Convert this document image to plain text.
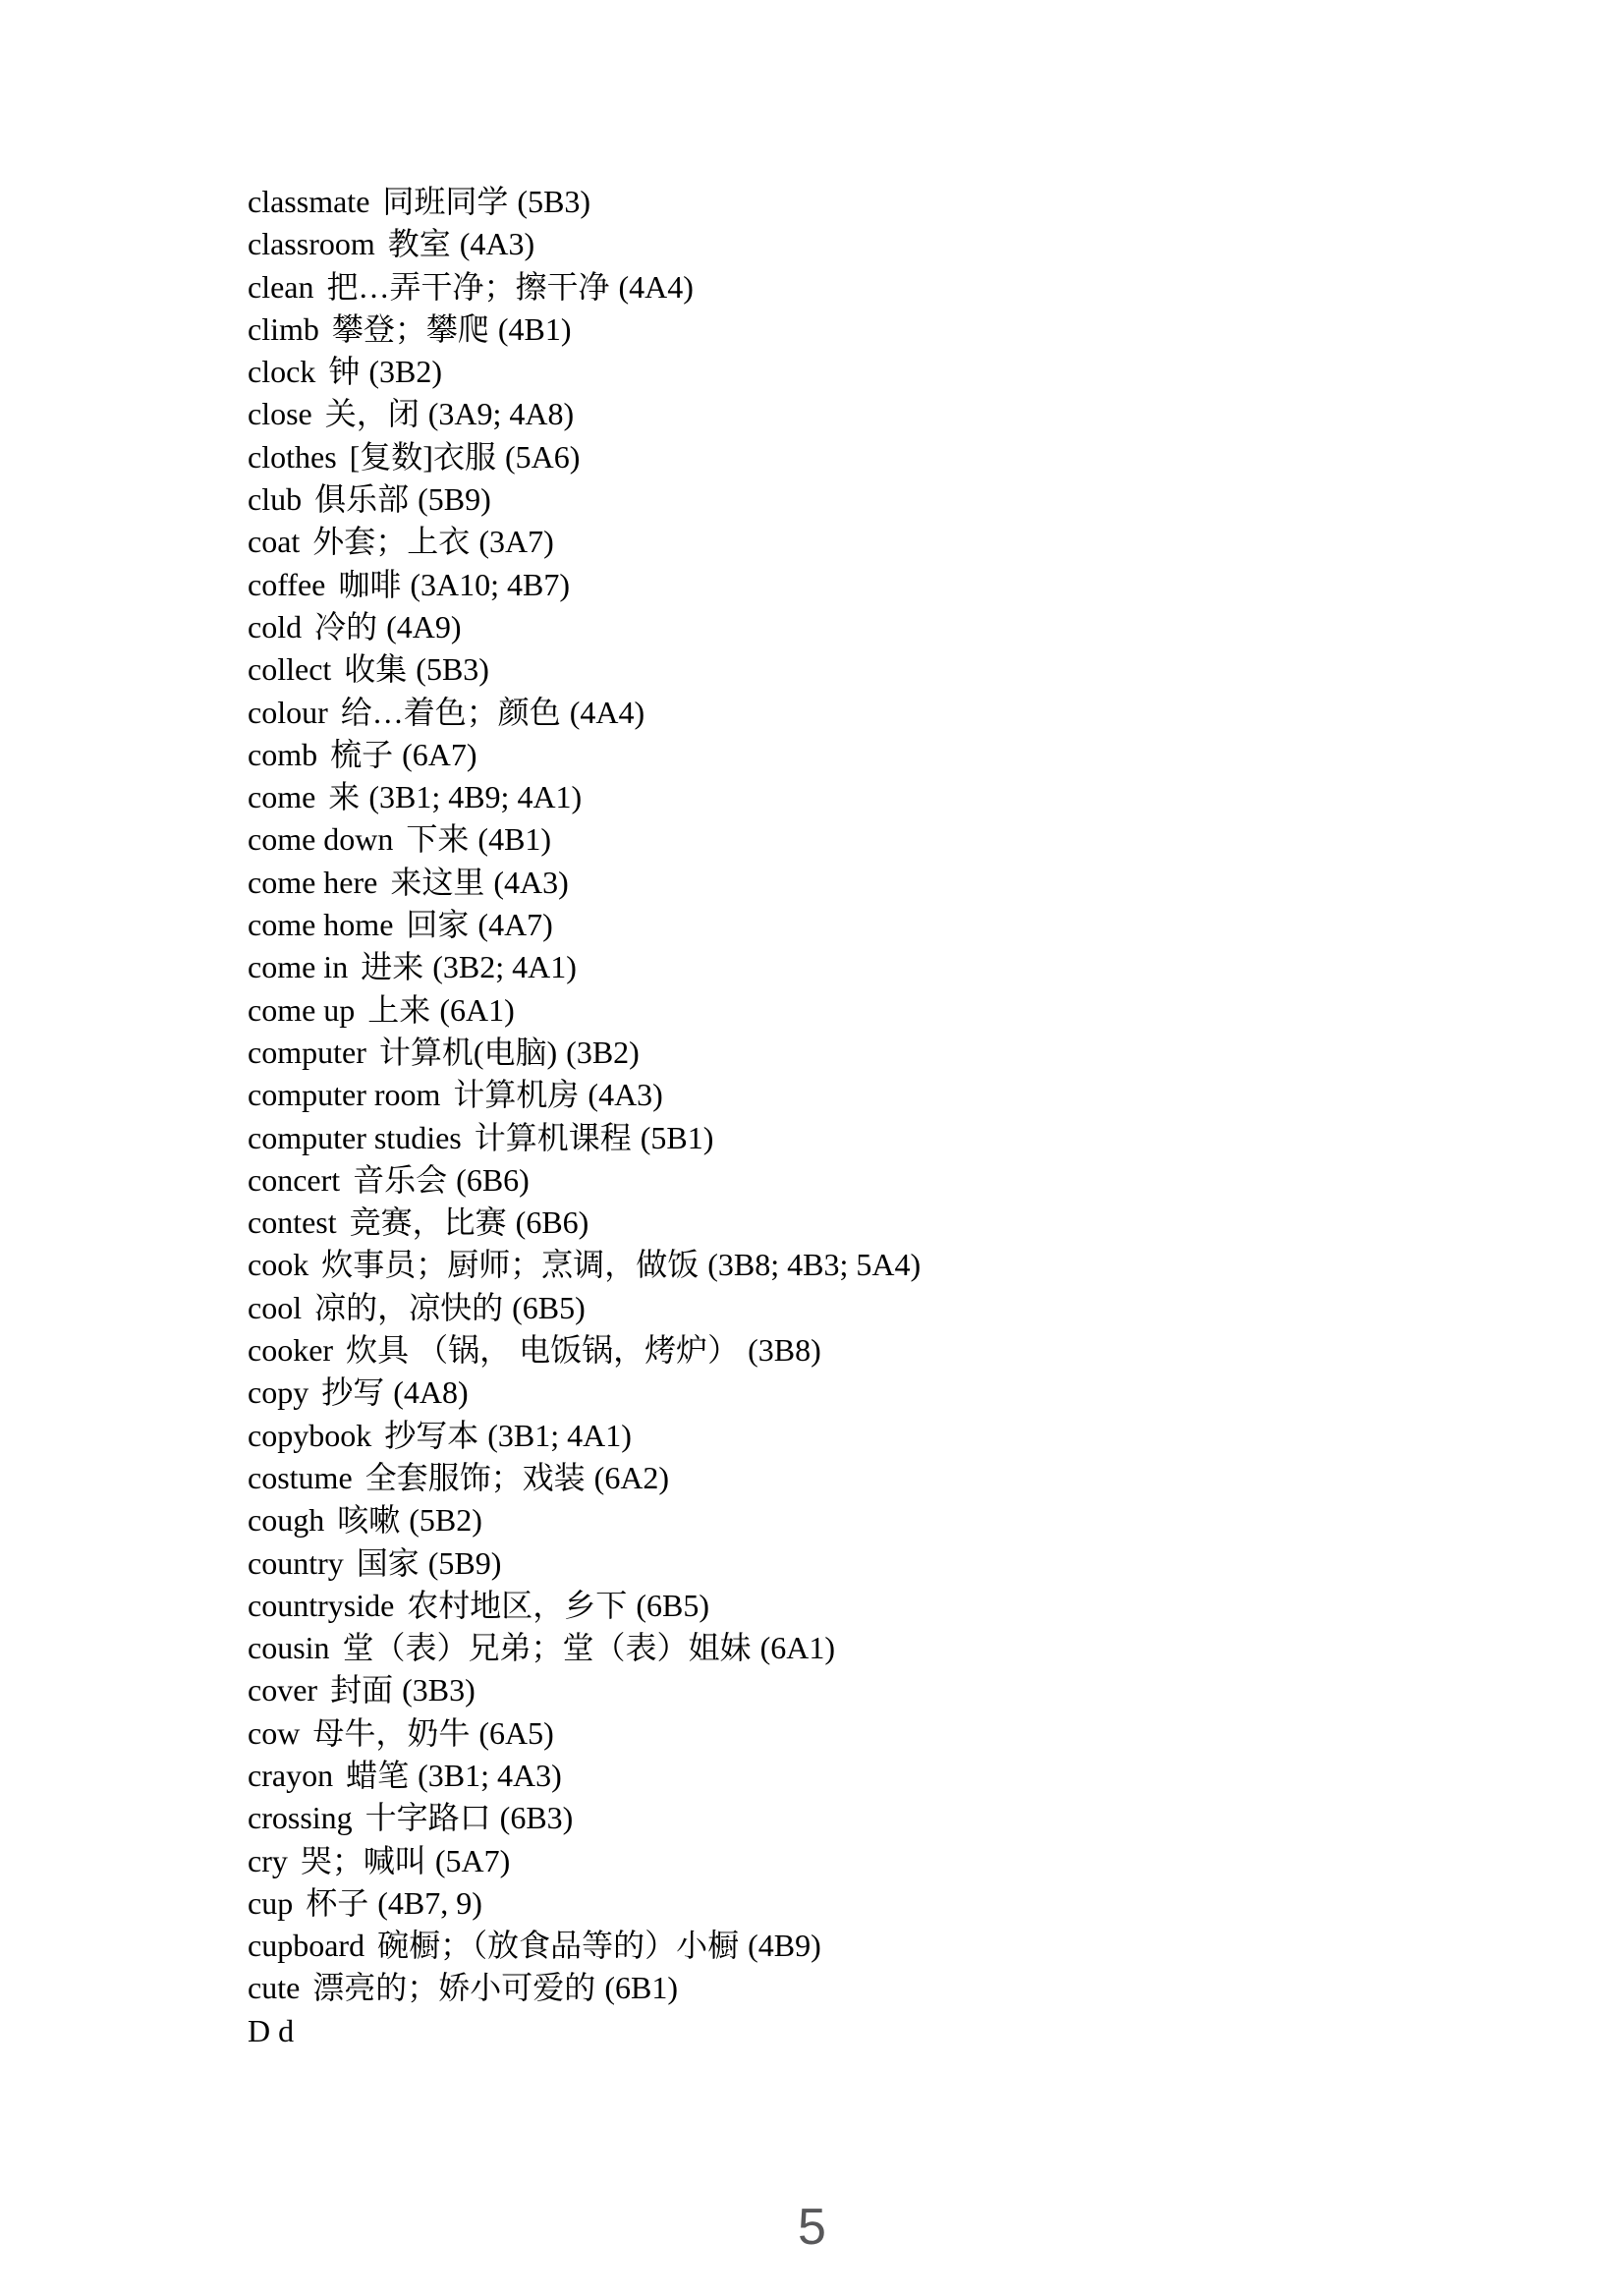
classmate 同班同学 (5B3)
classroom 教室 (4A3)
clean 把…弄干净；擦干净 (4A4)
climb 攀登；攀爬 (4B1)
clock 钟 (3B2)
close 关，闭 (3A9; 4A8)
clothes [复数]衣服 (5A6)
club 俱乐部 (5B9)
coat 外套；上衣 (3A7)
coffee 咖啡 (3A10; 4B7)
cold 冷的 (4A9)
collect 收集 (5B3)
colour 给…着色；颜色 (4A4)
comb 梳子 (6A7)
come 来 (3B1; 4B9; 4A1)
come down 下来 (4B1)
come here 来这里 (4A3)
come home 回家 (4A7)
come in 进来 (3B2; 4A1)
come up 上来 (6A1)
computer 计算机(电脑) (3B2)
computer room 计算机房 (4A3)
computer studies 计算机课程 (5B1)
concert 音乐会 (6B6)
contest 竞赛，比赛 (6B6)
cook 炊事员；厨师；烹调，做饭 (3B8; 4B3; 5A4)
cool 凉的，凉快的 (6B5)
cooker 炊具 （锅， 电饭锅，烤炉） (3B8)
copy 抄写 (4A8)
copybook 抄写本 (3B1; 4A1)
costume 全套服饰；戏装 (6A2)
cough 咳嗽 (5B2)
country 国家 (5B9)
countryside 农村地区，乡下 (6B5)
cousin 堂（表）兄弟；堂（表）姐妹 (6A1)
cover 封面 (3B3)
cow 母牛，奶牛 (6A5)
crayon 蜡笔 (3B1; 4A3)
crossing 十字路口 (6B3)
cry 哭；喊叫 (5A7)
cup 杯子 (4B7, 9)
cupboard 碗橱；（放食品等的）小橱 (4B9)
cute 漂亮的；娇小可爱的 (6B1)
D d
5
